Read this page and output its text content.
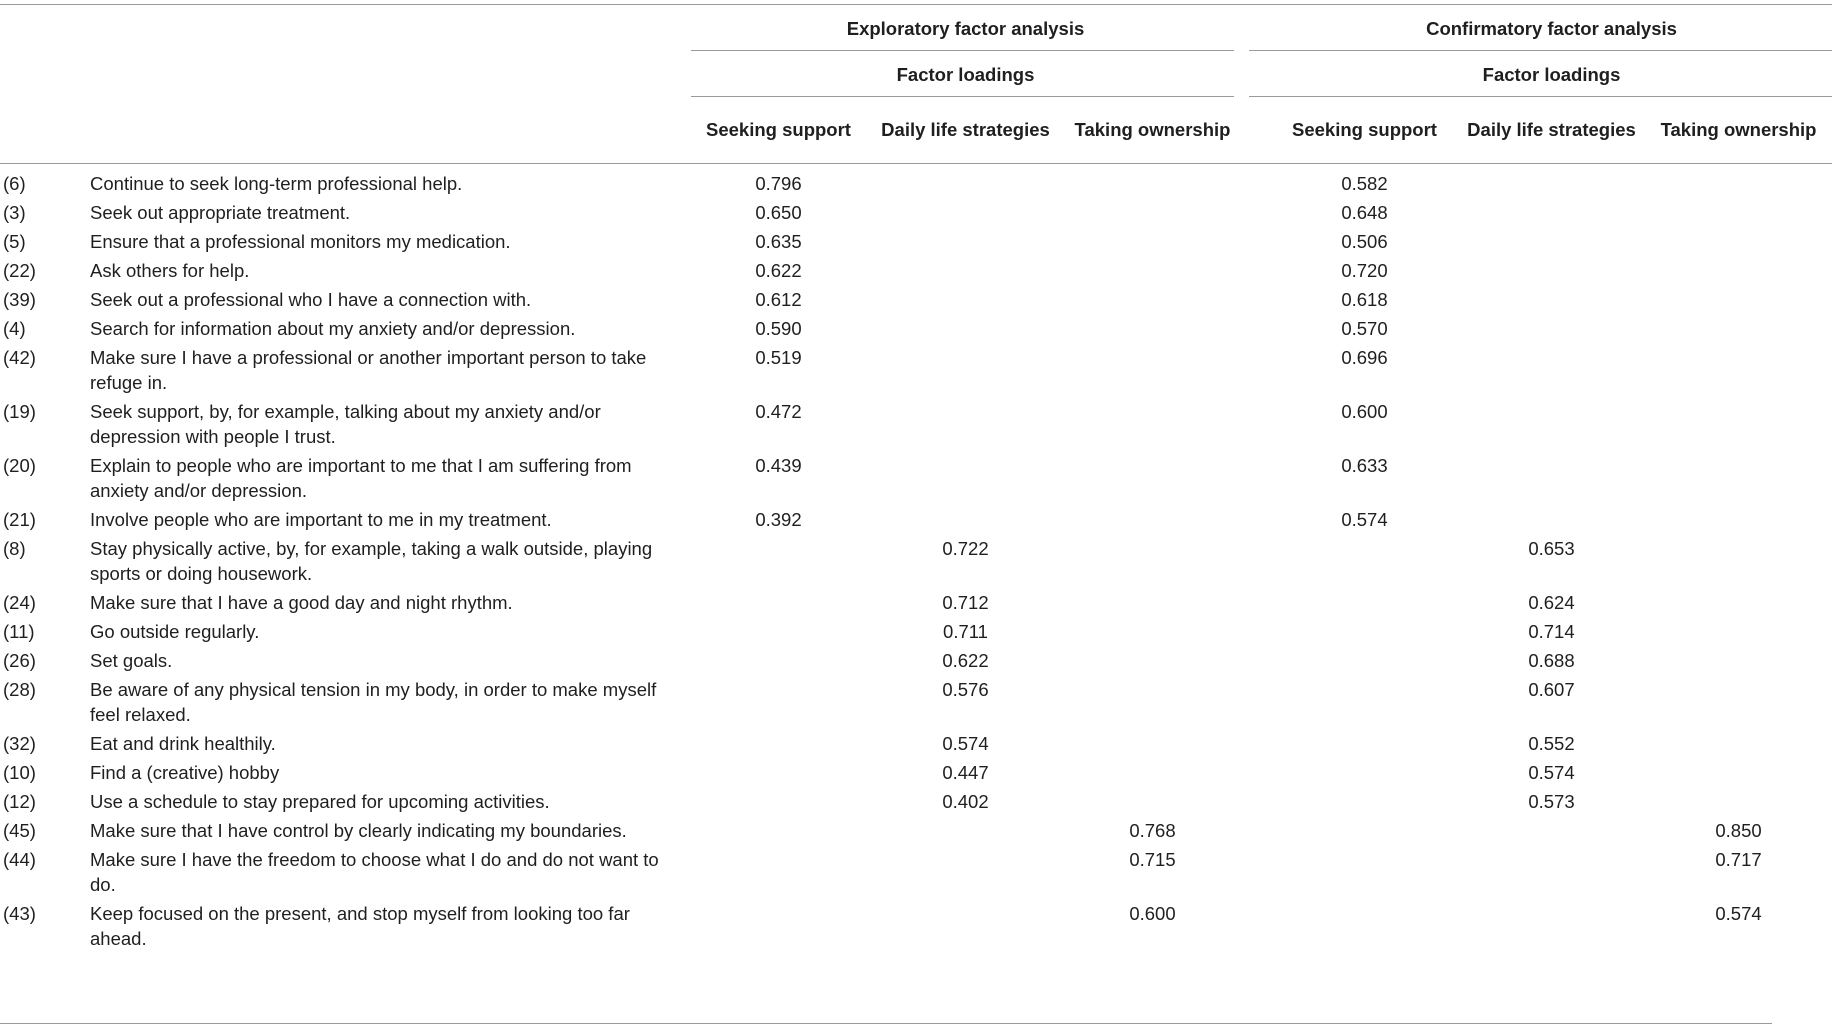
		Exploratory factor analysis				Confirmatory factor analysis		

		Factor loadings				Factor loadings		

		Seeking support	Daily life strategies	Taking ownership		Seeking support	Daily life strategies	Taking ownership
(6)	Continue to seek long-term professional help.		0.796				0.582		
(3)	Seek out appropriate treatment.		0.650				0.648		
(5)	Ensure that a professional monitors my medication.		0.635				0.506		
(22)	Ask others for help.		0.622				0.720		
(39)	Seek out a professional who I have a connection with.		0.612				0.618		
(4)	Search for information about my anxiety and/or depression.		0.590				0.570		
(42)	Make sure I have a professional or another important person to take refuge in.		0.519				0.696		
(19)	Seek support, by, for example, talking about my anxiety and/or depression with people I trust.		0.472				0.600		
(20)	Explain to people who are important to me that I am suffering from anxiety and/or depression.		0.439				0.633		
(21)	Involve people who are important to me in my treatment.		0.392				0.574		
(8)	Stay physically active, by, for example, taking a walk outside, playing sports or doing housework.			0.722				0.653	
(24)	Make sure that I have a good day and night rhythm.			0.712				0.624	
(11)	Go outside regularly.			0.711				0.714	
(26)	Set goals.			0.622				0.688	
(28)	Be aware of any physical tension in my body, in order to make myself feel relaxed.			0.576				0.607	
(32)	Eat and drink healthily.			0.574				0.552	
(10)	Find a (creative) hobby			0.447				0.574	
(12)	Use a schedule to stay prepared for upcoming activities.			0.402				0.573	
(45)	Make sure that I have control by clearly indicating my boundaries.				0.768				0.850
(44)	Make sure I have the freedom to choose what I do and do not want to do.				0.715				0.717
(43)	Keep focused on the present, and stop myself from looking too far ahead.				0.600				0.574
